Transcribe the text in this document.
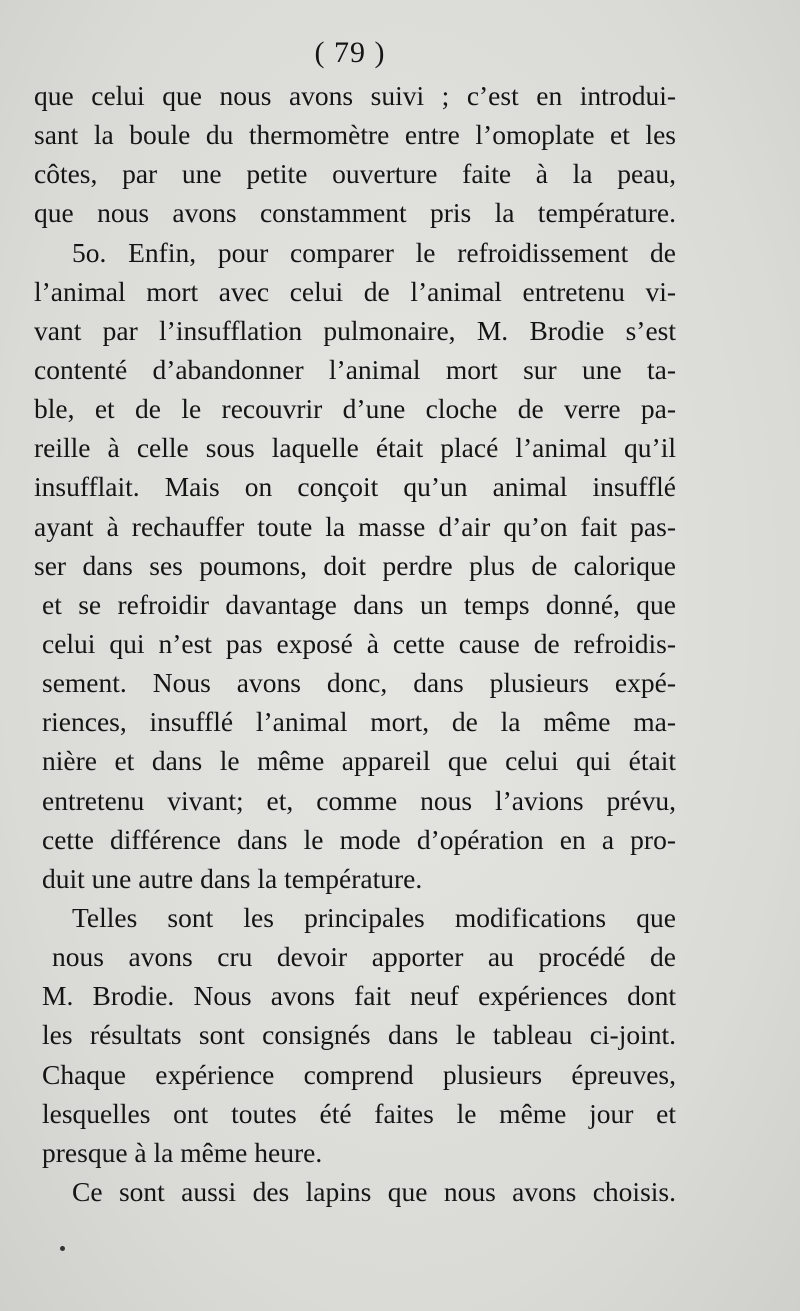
( 79 )
que celui que nous avons suivi ; c’est en introdui-
sant la boule du thermomètre entre l’omoplate et les
côtes, par une petite ouverture faite à la peau,
que nous avons constamment pris la température.
5o. Enfin, pour comparer le refroidissement de
l’animal mort avec celui de l’animal entretenu vi-
vant par l’insufflation pulmonaire, M. Brodie s’est
contenté d’abandonner l’animal mort sur une ta-
ble, et de le recouvrir d’une cloche de verre pa-
reille à celle sous laquelle était placé l’animal qu’il
insufflait. Mais on conçoit qu’un animal insufflé
ayant à rechauffer toute la masse d’air qu’on fait pas-
ser dans ses poumons, doit perdre plus de calorique
et se refroidir davantage dans un temps donné, que
celui qui n’est pas exposé à cette cause de refroidis-
sement. Nous avons donc, dans plusieurs expé-
riences, insufflé l’animal mort, de la même ma-
nière et dans le même appareil que celui qui était
entretenu vivant; et, comme nous l’avions prévu,
cette différence dans le mode d’opération en a pro-
duit une autre dans la température.
Telles sont les principales modifications que
nous avons cru devoir apporter au procédé de
M. Brodie. Nous avons fait neuf expériences dont
les résultats sont consignés dans le tableau ci-joint.
Chaque expérience comprend plusieurs épreuves,
lesquelles ont toutes été faites le même jour et
presque à la même heure.
Ce sont aussi des lapins que nous avons choisis.
